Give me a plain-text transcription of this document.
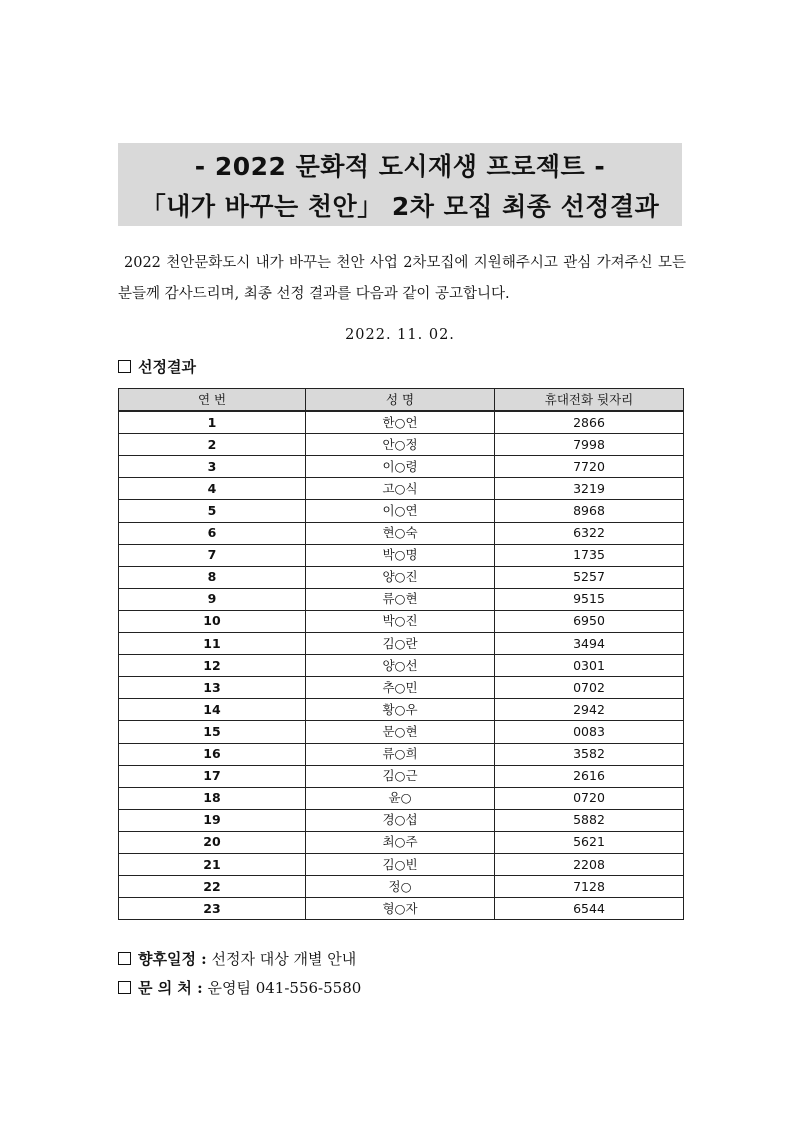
- 2022 문화적 도시재생 프로젝트 -
「내가 바꾸는 천안」 2차 모집 최종 선정결과
2022 천안문화도시 내가 바꾸는 천안 사업 2차모집에 지원해주시고 관심 가져주신 모든분들께 감사드리며, 최종 선정 결과를 다음과 같이 공고합니다.
2022. 11. 02.
선정결과
연 번	성 명	휴대전화 뒷자리
1	한○언	2866
2	안○정	7998
3	이○령	7720
4	고○식	3219
5	이○연	8968
6	현○숙	6322
7	박○명	1735
8	양○진	5257
9	류○현	9515
10	박○진	6950
11	김○란	3494
12	양○선	0301
13	추○민	0702
14	황○우	2942
15	문○현	0083
16	류○희	3582
17	김○근	2616
18	윤○	0720
19	경○섭	5882
20	최○주	5621
21	김○빈	2208
22	정○	7128
23	형○자	6544
향후일정 : 선정자 대상 개별 안내
문 의 처 : 운영팀 041-556-5580
